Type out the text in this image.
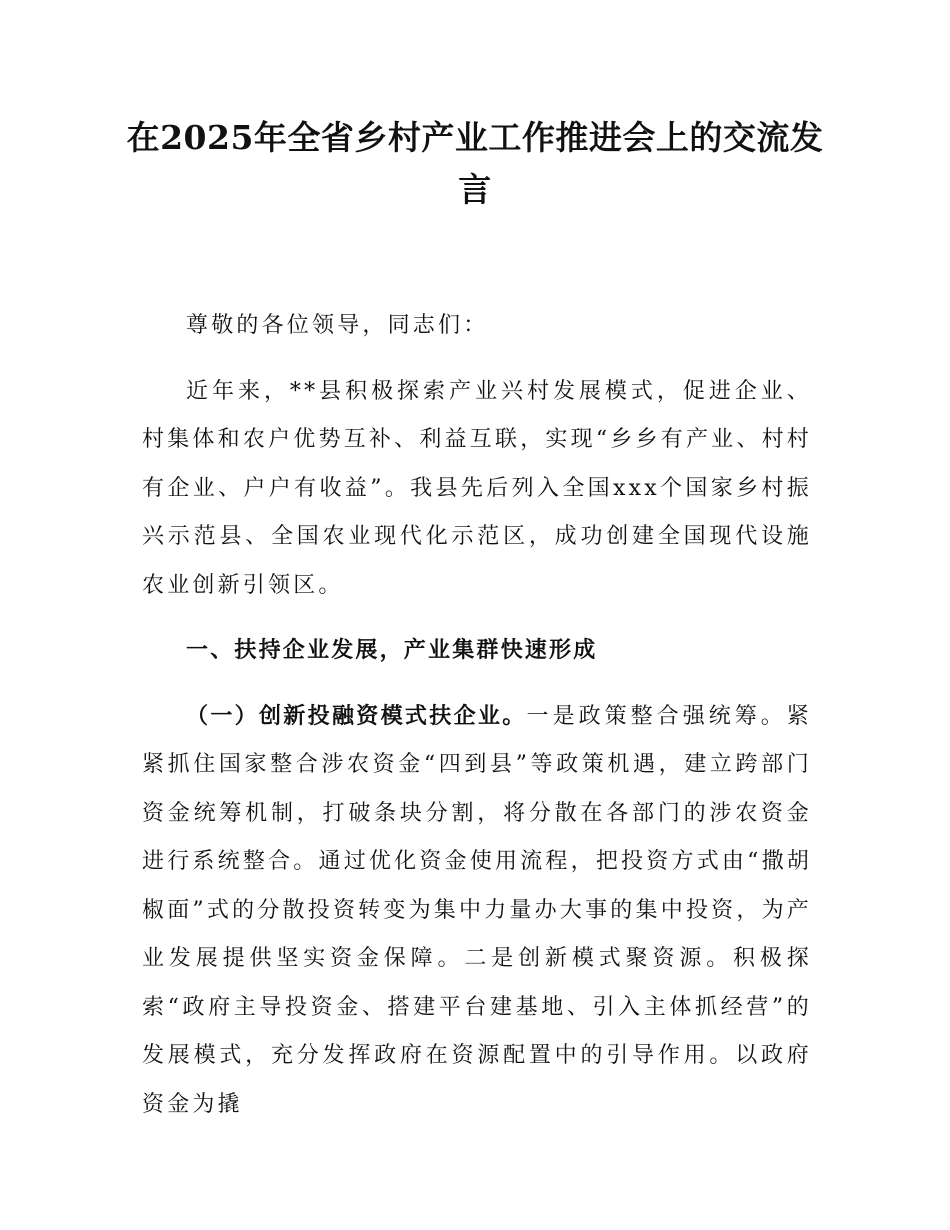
在2025年全省乡村产业工作推进会上的交流发言

尊敬的各位领导，同志们：

近年来，**县积极探索产业兴村发展模式，促进企业、村集体和农户优势互补、利益互联，实现“乡乡有产业、村村有企业、户户有收益”。我县先后列入全国xxx个国家乡村振兴示范县、全国农业现代化示范区，成功创建全国现代设施农业创新引领区。

一、扶持企业发展，产业集群快速形成

（一）创新投融资模式扶企业。一是政策整合强统筹。紧紧抓住国家整合涉农资金“四到县”等政策机遇，建立跨部门资金统筹机制，打破条块分割，将分散在各部门的涉农资金进行系统整合。通过优化资金使用流程，把投资方式由“撒胡椒面”式的分散投资转变为集中力量办大事的集中投资，为产业发展提供坚实资金保障。二是创新模式聚资源。积极探索“政府主导投资金、搭建平台建基地、引入主体抓经营”的发展模式，充分发挥政府在资源配置中的引导作用。以政府资金为撬
